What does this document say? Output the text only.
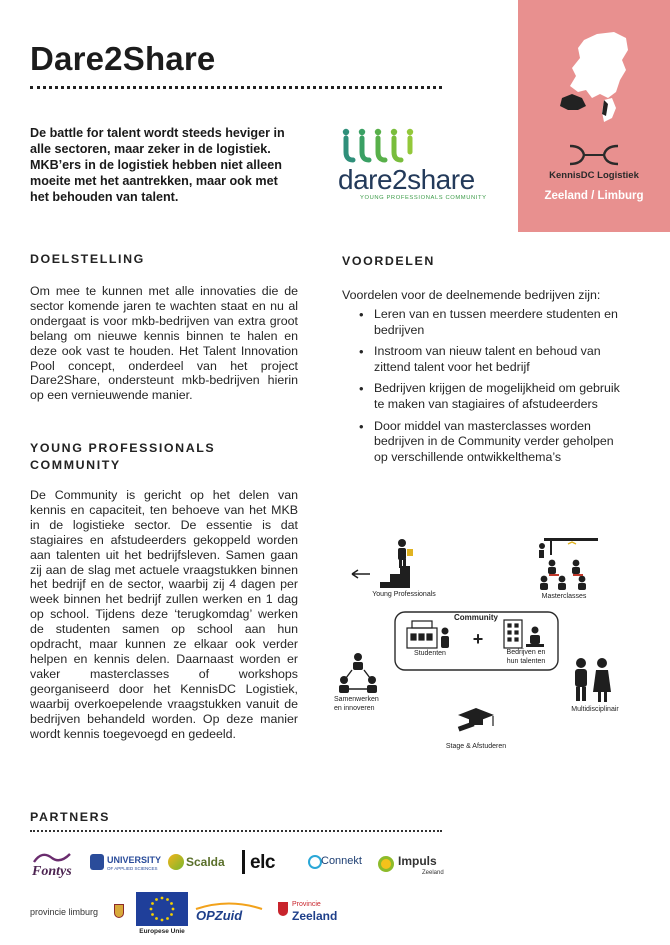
Dare2Share

De battle for talent wordt steeds heviger in alle sectoren, maar zeker in de logistiek. MKB’ers in de logistiek hebben niet alleen moeite met het aantrekken, maar ook met het behouden van talent.

dare2share
YOUNG PROFESSIONALS COMMUNITY
KennisDC Logistiek
Zeeland / Limburg
DOELSTELLING

Om mee te kunnen met alle innovaties die de sector komende jaren te wachten staat en nu al ondergaat is voor mkb-bedrijven van extra groot belang om nieuwe kennis binnen te halen en deze ook vast te houden. Het Talent Innovation Pool concept, onderdeel van het project Dare2Share, ondersteunt mkb-bedrijven hierin op een vernieuwende manier.

YOUNG PROFESSIONALS
COMMUNITY

De Community is gericht op het delen van kennis en capaciteit, ten behoeve van het MKB in de logistieke sector. De essentie is dat stagiaires en afstudeerders gekoppeld worden aan talenten uit het bedrijfsleven. Samen gaan zij aan de slag met actuele vraagstukken binnen het bedrijf en de sector, waarbij zij 4 dagen per week binnen het bedrijf zullen werken en 1 dag op school. Tijdens deze ‘terugkomdag’ werken de studenten samen op school aan hun opdracht, maar kunnen ze elkaar ook verder helpen en kennis delen. Daarnaast worden er vaker masterclasses of workshops georganiseerd door het KennisDC Logistiek, waarbij overkoepelende vraagstukken vanuit de bedrijven behandeld worden. Op deze manier wordt kennis toegevoegd en gedeeld.

VOORDELEN
Voordelen voor de deelnemende bedrijven zijn:
• Leren van en tussen meerdere studenten en bedrijven
• Instroom van nieuw talent en behoud van zittend talent voor het bedrijf
• Bedrijven krijgen de mogelijkheid om gebruik te maken van stagiaires of afstudeerders
• Door middel van masterclasses worden bedrijven in de Community verder geholpen op verschillende ontwikkelthema’s
Young Professionals	Masterclasses
Community
Studenten
+
Bedrijven en
hun talenten
Samenwerken
en innoveren	Multidisciplinair
Stage & Afstuderen
PARTNERS
Fontys
UNIVERSITY
OF APPLIED SCIENCES Scalda elc	Connekt	Impuls
Zeeland
provincie limburg
Europese Unie
OPZuid
Provincie
Zeeland
